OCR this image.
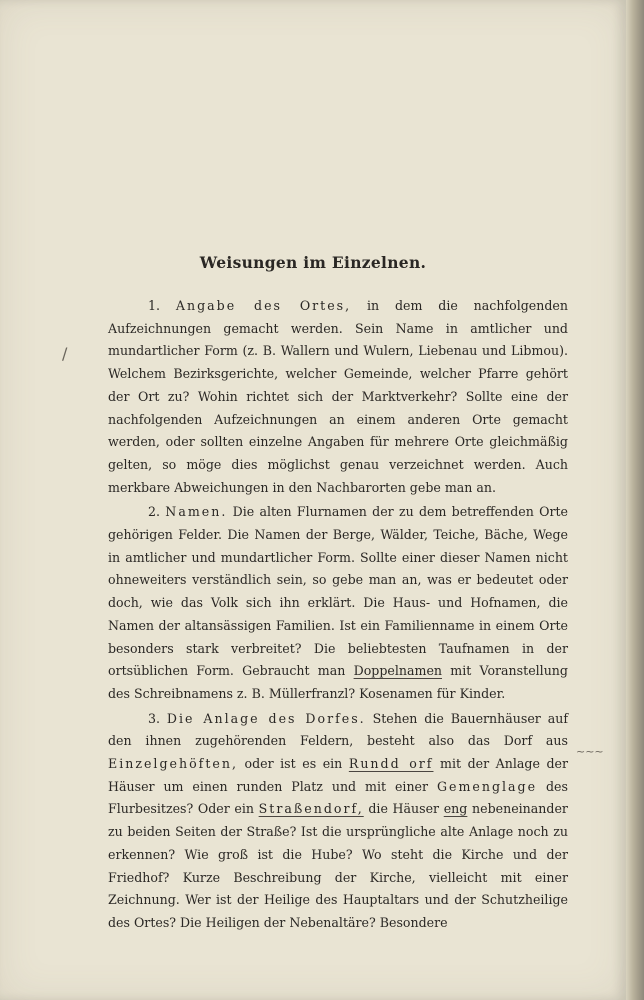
Weisungen im Einzelnen.

1. Angabe des Ortes, in dem die nachfolgenden Aufzeichnungen gemacht werden. Sein Name in amtlicher und mundartlicher Form (z. B. Wallern und Wulern, Liebenau und Libmou). Welchem Bezirksgerichte, welcher Gemeinde, welcher Pfarre gehört der Ort zu? Wohin richtet sich der Marktverkehr? Sollte eine der nachfolgenden Aufzeichnungen an einem anderen Orte gemacht werden, oder sollten einzelne Angaben für mehrere Orte gleichmäßig gelten, so möge dies möglichst genau verzeichnet werden. Auch merkbare Abweichungen in den Nachbarorten gebe man an.

2. Namen. Die alten Flurnamen der zu dem betreffenden Orte gehörigen Felder. Die Namen der Berge, Wälder, Teiche, Bäche, Wege in amtlicher und mundartlicher Form. Sollte einer dieser Namen nicht ohneweiters verständlich sein, so gebe man an, was er bedeutet oder doch, wie das Volk sich ihn erklärt. Die Haus- und Hofnamen, die Namen der altansässigen Familien. Ist ein Familienname in einem Orte besonders stark verbreitet? Die beliebtesten Taufnamen in der ortsüblichen Form. Gebraucht man Doppelnamen mit Voranstellung des Schreibnamens z. B. Müllerfranzl? Kosenamen für Kinder.

3. Die Anlage des Dorfes. Stehen die Bauernhäuser auf den ihnen zugehörenden Feldern, besteht also das Dorf aus Einzelgehöften, oder ist es ein Rundd orf mit der Anlage der Häuser um einen runden Platz und mit einer Gemenglage des Flurbesitzes? Oder ein Straßendorf, die Häuser eng nebeneinander zu beiden Seiten der Straße? Ist die ursprüngliche alte Anlage noch zu erkennen? Wie groß ist die Hube? Wo steht die Kirche und der Friedhof? Kurze Beschreibung der Kirche, vielleicht mit einer Zeichnung. Wer ist der Heilige des Hauptaltars und der Schutzheilige des Ortes? Die Heiligen der Nebenaltäre? Besondere

/
~~~
